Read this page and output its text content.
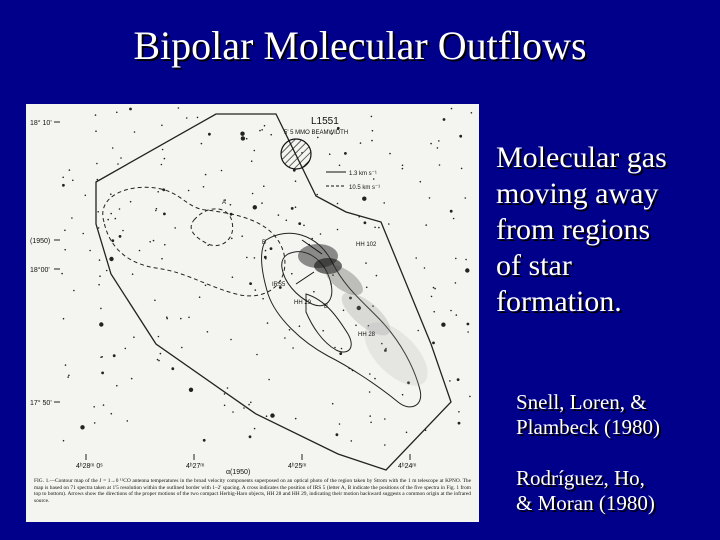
Bipolar Molecular Outflows
L1551
5' 5 MMO BEAMWIDTH
1.3 km s⁻¹
10.5 km s⁻¹
18° 10'
(1950)
18°00'
17° 50'
4ʰ28ᵐ 0ˢ	4ʰ27ᵐ
α(1950)
4ʰ25ᵐ	4ʰ24ᵐ
A
B
IRS5
HH 102
HH 29
HH 28
B
FIG. 1.—Contour map of the J = 1→0 ¹²CO antenna temperatures in the broad velocity components superposed on an optical photo of the region taken by Strom with the 1 m telescope at KPNO. The map is based on 71 spectra taken at 1'5 resolution within the outlined border with 1–2' spacing. A cross indicates the position of IRS 5 (letter A, B indicate the positions of the five spectra in Fig. 1 from top to bottom). Arrows show the directions of the proper motions of the two compact Herbig-Haro objects, HH 28 and HH 29, indicating their motion backward suggests a common origin at the infrared source.
Molecular gas
moving away
from regions
of star
formation.
Snell, Loren, &
Plambeck (1980)
Rodríguez, Ho,
& Moran (1980)
